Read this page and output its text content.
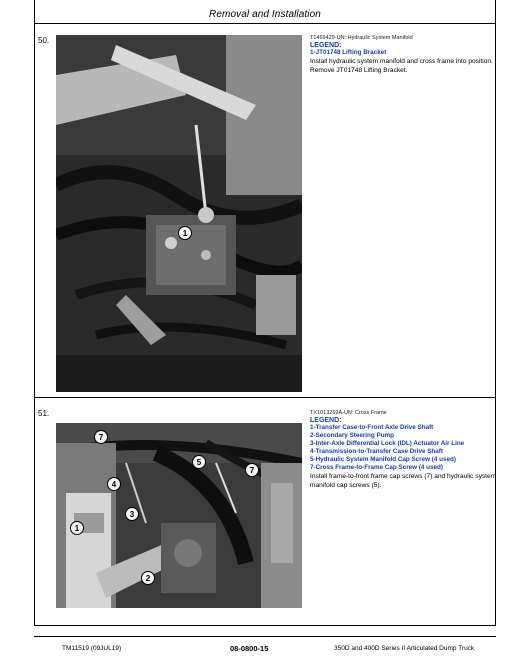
Removal and Installation
50.
1
T1469429-UN: Hydraulic System Manifold
LEGEND:
1-JT01748 Lifting Bracket
Install hydraulic system manifold and cross frame into position. Remove JT01748 Lifting Bracket.
51.
7
5
7
4
3
1
2
TX1013269A-UN: Cross Frame
LEGEND:
1-Transfer Case-to-Front Axle Drive Shaft
2-Secondary Steering Pump
3-Inter-Axle Differential Lock (IDL) Actuator Air Line
4-Transmission-to-Transfer Case Drive Shaft
5-Hydraulic System Manifold Cap Screw (4 used)
7-Cross Frame-to-Frame Cap Screw (4 used)
Install frame-to-front frame cap screws (7) and hydraulic system manifold cap screws (5).
TM11519 (09JUL19)	08-0800-15	350D and 400D Series II Articulated Dump Truck
